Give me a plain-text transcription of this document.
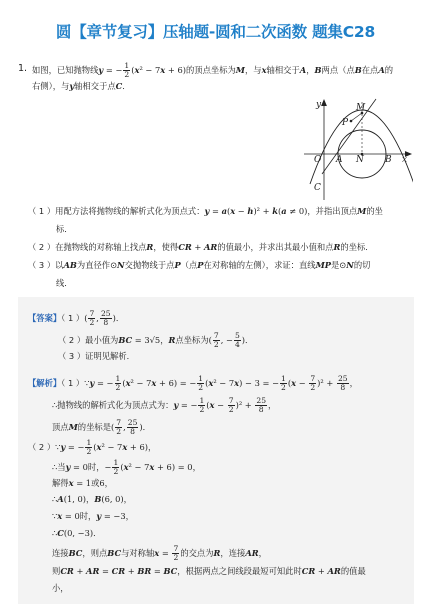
圆【章节复习】压轴题-圆和二次函数 题集C28
1. 如图，已知抛物线y = − $\frac{1}{2} (x^2 - 7x + 6)$的顶点坐标为M，与x轴相交于A，B两点（点B在点A的
右侧），与y轴相交于点C．
y
x
O A N B
C
M
P
（ 1 ）用配方法将抛物线的解析式化为顶点式：y = a(x − h)² + k(a ≠ 0)，并指出顶点M的坐
标．
（ 2 ）在抛物线的对称轴上找点R，使得CR + AR的值最小，并求出其最小值和点R的坐标．
（ 3 ）以AB为直径作⊙N交抛物线于点P（点P在对称轴的左侧），求证：直线MP是⊙N的切
线．
【答案】（ 1 ）( $\frac{7}{2}$ , $\frac{25}{8}$ )．
（ 2 ）最小值为BC = 3√5，R点坐标为( $\frac{7}{2}$ , − $\frac{5}{4}$ )．
（ 3 ）证明见解析．
【解析】（ 1 ）∵y = − $\frac{1}{2} (x^2 - 7x + 6)$ = − $\frac{1}{2} (x^2 - 7x) - 3$ = − $\frac{1}{2} (x - \frac{7}{2} )^2 + \frac{25}{8}$ ，
∴抛物线的解析式化为顶点式为：y = − $\frac{1}{2} (x - \frac{7}{2} )^2 + \frac{25}{8}$ ，
顶点M的坐标是( $\frac{7}{2}$ , $\frac{25}{8}$ )．
（ 2 ）∵y = − $\frac{1}{2} (x^2 - 7x + 6)$，
∴当y = 0时，− $\frac{1}{2} (x^2 - 7x + 6) = 0$，
解得x = 1或6，
∴A(1, 0)，B(6, 0)，
∵x = 0时，y = −3，
∴C(0, −3)．
连接BC，则点BC与对称轴$x = \frac{7}{2}$ 的交点为R，连接AR，
则CR + AR = CR + BR = BC，根据两点之间线段最短可知此时CR + AR的值最
小，
